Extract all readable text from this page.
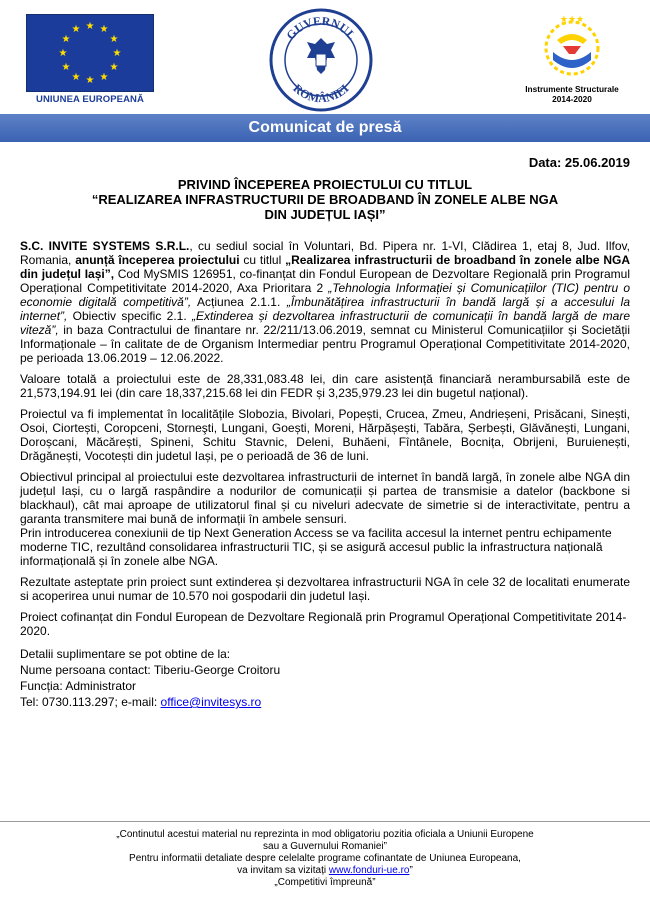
★ ★
★
★
★
★
★
★
★
★
★
★
UNIUNEA EUROPEANĂ
GUVERNUL
ROMÂNIEI
★★★
Instrumente Structurale
2014-2020
Comunicat de presă
Data: 25.06.2019
PRIVIND ÎNCEPEREA PROIECTULUI CU TITLUL
“REALIZAREA INFRASTRUCTURII DE BROADBAND ÎN ZONELE ALBE NGA
DIN JUDEȚUL IAȘI”

S.C. INVITE SYSTEMS S.R.L., cu sediul social în Voluntari, Bd. Pipera nr. 1-VI, Clădirea 1, etaj 8, Jud. Ilfov, Romania, anunță începerea proiectului cu titlul „Realizarea infrastructurii de broadband în zonele albe NGA din județul Iași”, Cod MySMIS 126951, co-finanțat din Fondul European de Dezvoltare Regională prin Programul Operațional Competitivitate 2014-2020, Axa Prioritara 2 „Tehnologia Informației și Comunicațiilor (TIC) pentru o economie digitală competitivă”, Acțiunea 2.1.1. „Îmbunătățirea infrastructurii în bandă largă și a accesului la internet”, Obiectiv specific 2.1. „Extinderea și dezvoltarea infrastructurii de comunicații în bandă largă de mare viteză”, in baza Contractului de finantare nr. 22/211/13.06.2019, semnat cu Ministerul Comunicațiilor și Societății Informaționale – în calitate de de Organism Intermediar pentru Programul Operațional Competitivitate 2014-2020, pe perioada 13.06.2019 – 12.06.2022.

Valoare totală a proiectului este de 28,331,083.48 lei, din care asistență financiară nerambursabilă este de 21,573,194.91 lei (din care 18,337,215.68 lei din FEDR și 3,235,979.23 lei din bugetul național).

Proiectul va fi implementat în localitățile Slobozia, Bivolari, Popești, Crucea, Zmeu, Andrieșeni, Prisăcani, Sinești, Osoi, Ciortești, Coropceni, Storneşti, Lungani, Goești, Moreni, Hărpășești, Tabăra, Șerbești, Glăvănești, Lungani, Doroșcani, Măcărești, Spineni, Schitu Stavnic, Deleni, Buhăeni, Fîntânele, Bocnița, Obrijeni, Buruienești, Drăgănești, Vocotești din judetul Iași, pe o perioadă de 36 de luni.

Obiectivul principal al proiectului este dezvoltarea infrastructurii de internet în bandă largă, în zonele albe NGA din județul Iași, cu o largă raspândire a nodurilor de comunicații și partea de transmisie a datelor (backbone si blackhaul), cât mai aproape de utilizatorul final și cu niveluri adecvate de simetrie si de interactivitate, pentru a garanta transmitere mai bună de informații în ambele sensuri.

Prin introducerea conexiunii de tip Next Generation Access se va facilita accesul la internet pentru echipamente moderne TIC, rezultând consolidarea infrastructurii TIC, și se asigură accesul public la infrastructura națională informațională și în zonele albe NGA.

Rezultate asteptate prin proiect sunt extinderea și dezvoltarea infrastructurii NGA în cele 32 de localitati enumerate si acoperirea unui numar de 10.570 noi gospodarii din judetul Iași.

Proiect cofinanțat din Fondul European de Dezvoltare Regională prin Programul Operațional Competitivitate 2014-2020.

Detalii suplimentare se pot obtine de la:
Nume persoana contact: Tiberiu-George Croitoru
Funcția: Administrator
Tel: 0730.113.297; e-mail: office@invitesys.ro
„Continutul acestui material nu reprezinta in mod obligatoriu pozitia oficiala a Uniunii Europene
sau a Guvernului Romaniei”
Pentru informatii detaliate despre celelalte programe cofinantate de Uniunea Europeana,
va invitam sa vizitați www.fonduri-ue.ro”
„Competitivi împreună”
